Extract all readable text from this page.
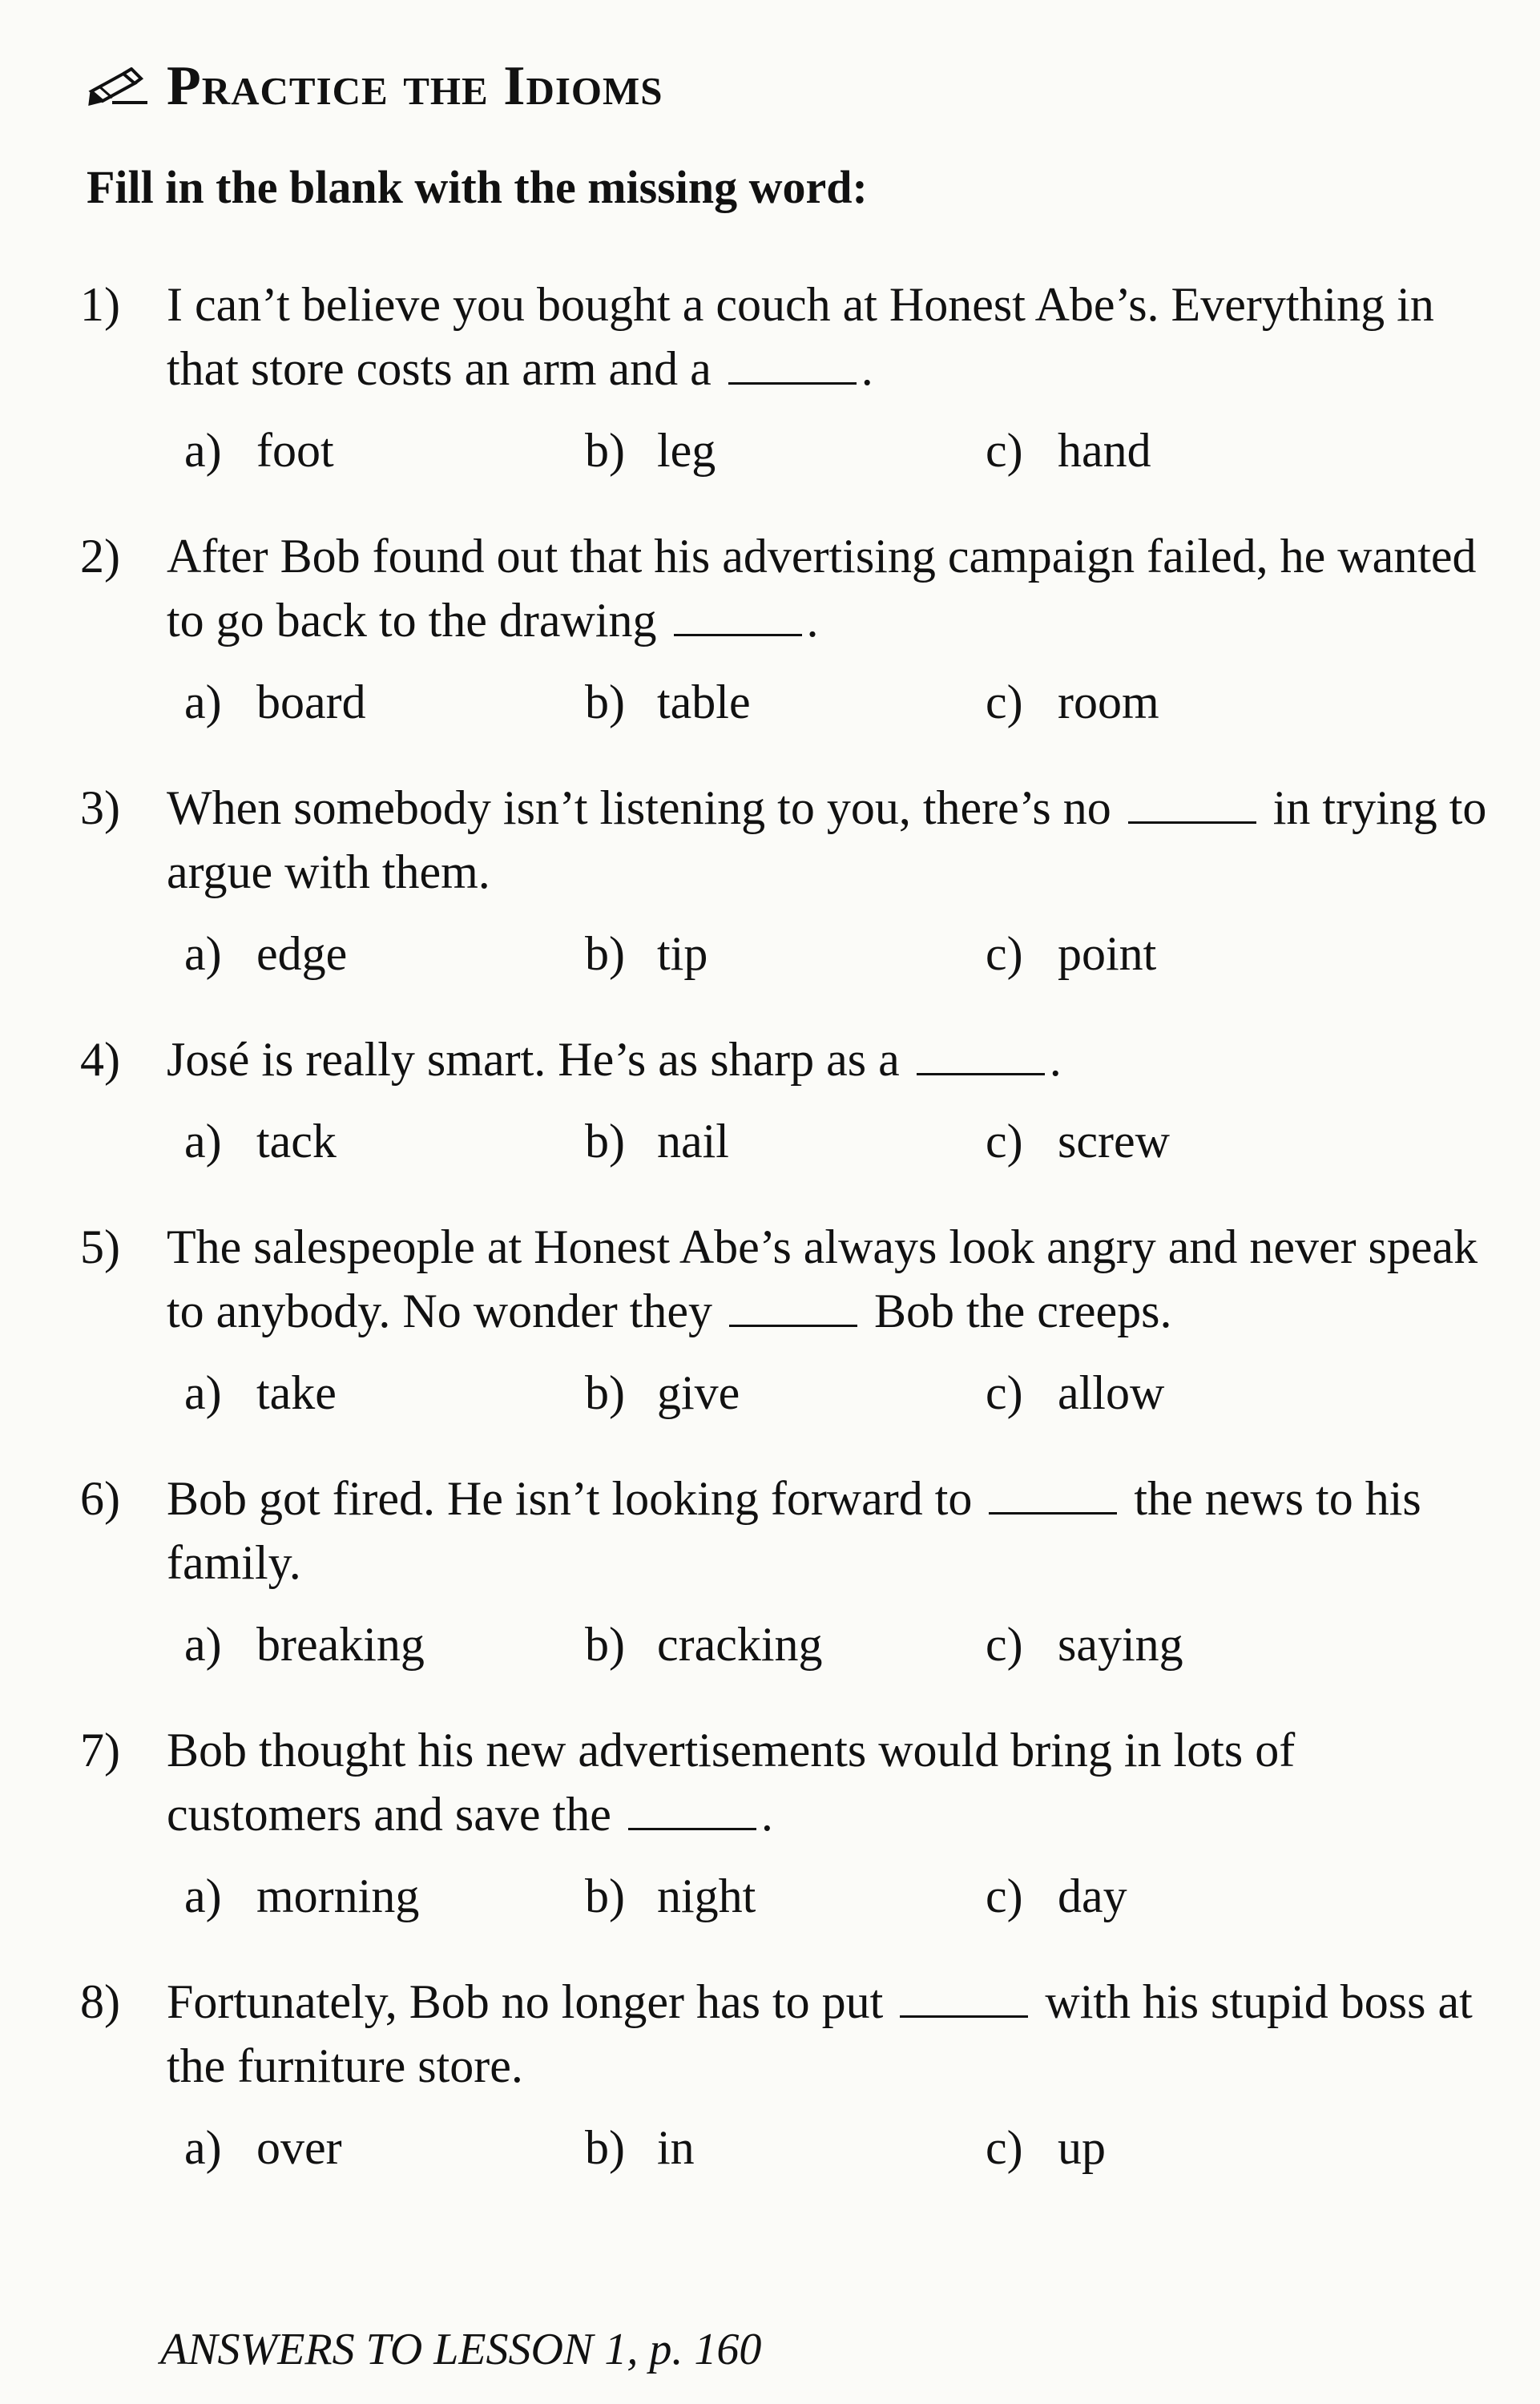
Practice the Idioms
Fill in the blank with the missing word:
1) I can’t believe you bought a couch at Honest Abe’s. Everything in that store costs an arm and a	.
a) foot	b) leg	c) hand
2) After Bob found out that his advertising campaign failed, he wanted to go back to the drawing	.
a) board	b) table	c) room
3) When somebody isn’t listening to you, there’s no	in trying to argue with them.
a) edge	b) tip	c) point
4) José is really smart. He’s as sharp as a	.
a) tack	b) nail	c) screw
5) The salespeople at Honest Abe’s always look angry and never speak to anybody. No wonder they	Bob the creeps.
a) take	b) give	c) allow
6) Bob got fired. He isn’t looking forward to	the news to his family.
a) breaking	b) cracking	c) saying
7) Bob thought his new advertisements would bring in lots of customers and save the	.
a) morning	b) night	c) day
8) Fortunately, Bob no longer has to put	with his stupid boss at the furniture store.
a) over	b) in	c) up
ANSWERS TO LESSON 1, p. 160
